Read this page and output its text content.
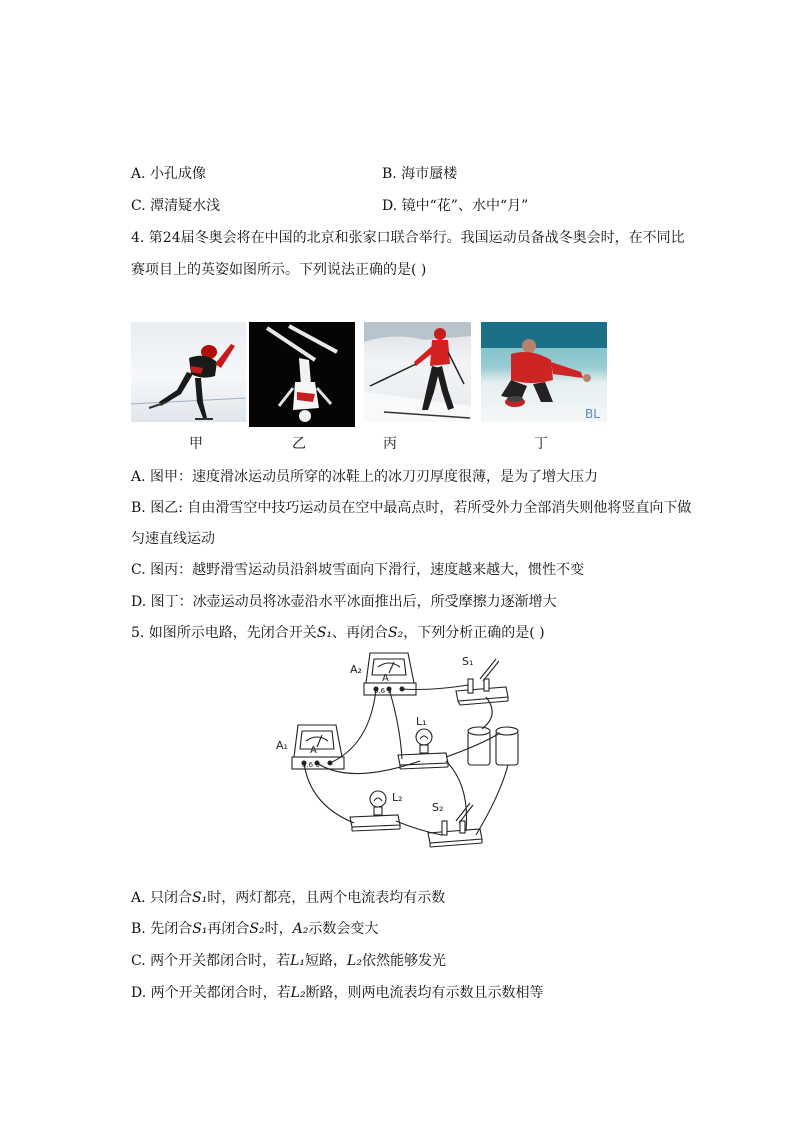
A. 小孔成像	B. 海市蜃楼
C. 潭清疑水浅	D. 镜中“花”、水中“月”
4. 第24届冬奥会将在中国的北京和张家口联合举行。我国运动员备战冬奥会时，在不同比
赛项目上的英姿如图所示。下列说法正确的是( )
甲	乙	丙
BL
丁
A. 图甲：速度滑冰运动员所穿的冰鞋上的冰刀刃厚度很薄，是为了增大压力
B. 图乙: 自由滑雪空中技巧运动员在空中最高点时，若所受外力全部消失则他将竖直向下做
匀速直线运动
C. 图丙：越野滑雪运动员沿斜坡雪面向下滑行，速度越来越大，惯性不变
D. 图丁：冰壶运动员将冰壶沿水平冰面推出后，所受摩擦力逐渐增大
5. 如图所示电路，先闭合开关S₁、再闭合S₂，下列分析正确的是( )
A
0.6 3
A₂
S₁
A
0.6 3
A₁
L₁
L₂
S₂
A. 只闭合S₁时，两灯都亮，且两个电流表均有示数
B. 先闭合S₁再闭合S₂时，A₂示数会变大
C. 两个开关都闭合时，若L₁短路，L₂依然能够发光
D. 两个开关都闭合时，若L₂断路，则两电流表均有示数且示数相等
